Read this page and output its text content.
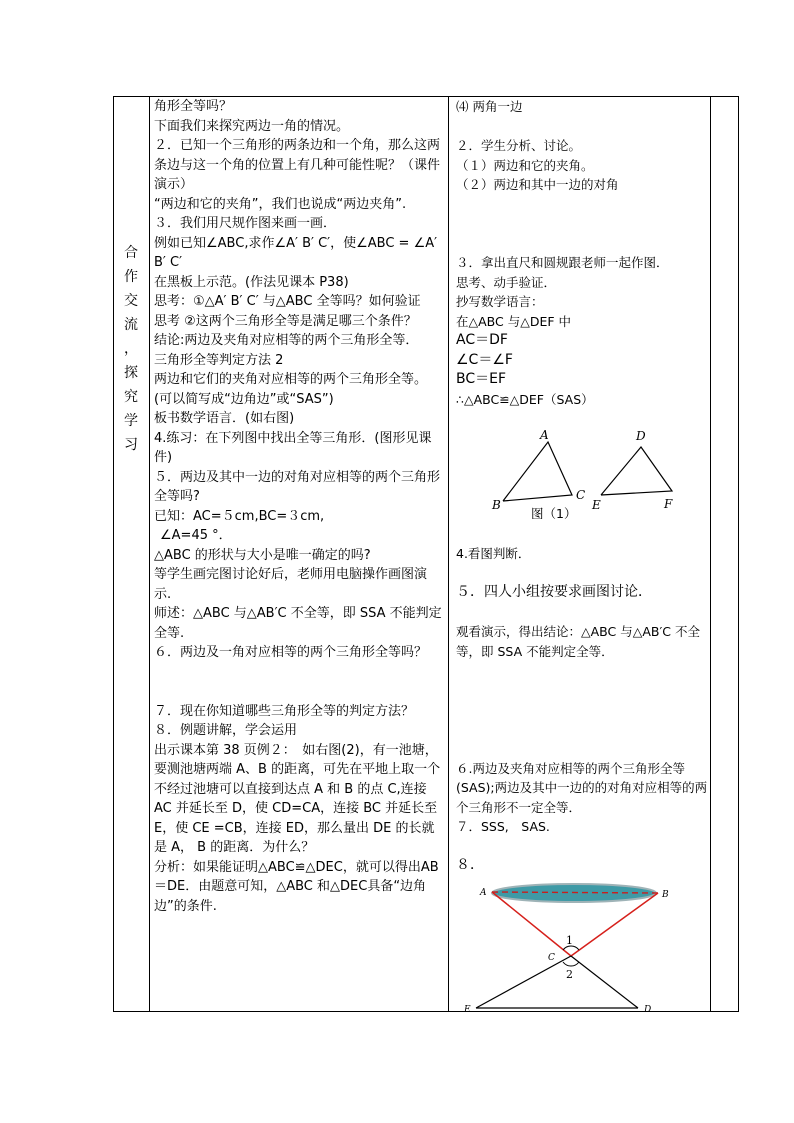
合
作
交
流
，
探
究
学
习

角形全等吗？

下面我们来探究两边一角的情况。

２．已知一个三角形的两条边和一个角，那么这两条边与这一个角的位置上有几种可能性呢？（课件演示）

“两边和它的夹角”，我们也说成“两边夹角”.

３．我们用尺规作图来画一画．

例如已知∠ABC,求作∠A′ B′ C′，使∠ABC = ∠A′ B′ C′

在黑板上示范。(作法见课本 P38)

思考：①△A′ B′ C′ 与△ABC 全等吗？如何验证

思考 ②这两个三角形全等是满足哪三个条件？

结论:两边及夹角对应相等的两个三角形全等．

三角形全等判定方法 2

两边和它们的夹角对应相等的两个三角形全等。(可以简写成“边角边”或“SAS”)

板书数学语言．(如右图)

4.练习：在下列图中找出全等三角形．(图形见课件)

５．两边及其中一边的对角对应相等的两个三角形全等吗?

已知：AC=５cm,BC=３cm,

∠A=45 °．

△ABC 的形状与大小是唯一确定的吗?

等学生画完图讨论好后，老师用电脑操作画图演示.

师述：△ABC 与△AB′C 不全等，即 SSA 不能判定全等.

６．两边及一角对应相等的两个三角形全等吗？

７．现在你知道哪些三角形全等的判定方法？

８．例题讲解，学会运用

出示课本第 38 页例２：　如右图(2)，有一池塘，要测池塘两端 A、B 的距离，可先在平地上取一个不经过池塘可以直接到达点 A 和 B 的点 C,连接 AC 并延长至 D，使 CD=CA，连接 BC 并延长至 E，使 CE =CB，连接 ED，那么量出 DE 的长就是 A， B 的距离．为什么？

分析：如果能证明△ABC≌△DEC，就可以得出AB＝DE．由题意可知，△ABC 和△DEC具备“边角边”的条件.

⑷ 两角一边

２．学生分析、讨论。

（１）两边和它的夹角。

（２）两边和其中一边的对角

３．拿出直尺和圆规跟老师一起作图．

思考、动手验证．

抄写数学语言：

在△ABC 与△DEF 中

AC＝DF

∠C＝∠F

BC＝EF

∴△ABC≌△DEF（SAS）

A
B
C
D
E	F
图（1）

4.看图判断．

５．四人小组按要求画图讨论．

观看演示，得出结论：△ABC 与△AB′C 不全等，即 SSA 不能判定全等．

６.两边及夹角对应相等的两个三角形全等(SAS);两边及其中一边的的对角对应相等的两个三角形不一定全等．

７．SSS,　SAS.

８．

A	B
C
D
E
1
2
